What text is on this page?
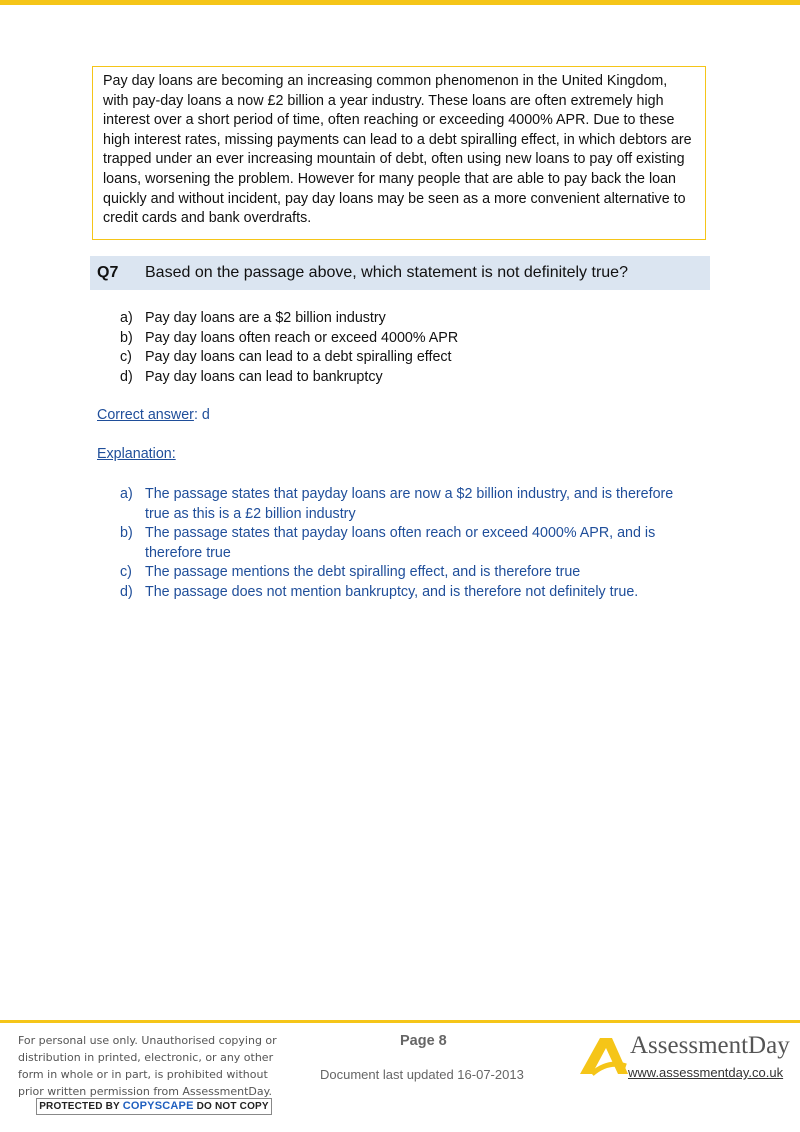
Pay day loans are becoming an increasing common phenomenon in the United Kingdom, with pay-day loans a now £2 billion a year industry. These loans are often extremely high interest over a short period of time, often reaching or exceeding 4000% APR. Due to these high interest rates, missing payments can lead to a debt spiralling effect, in which debtors are trapped under an ever increasing mountain of debt, often using new loans to pay off existing loans, worsening the problem. However for many people that are able to pay back the loan quickly and without incident, pay day loans may be seen as a more convenient alternative to credit cards and bank overdrafts.
Q7	Based on the passage above, which statement is not definitely true?
a) Pay day loans are a $2 billion industry
b) Pay day loans often reach or exceed 4000% APR
c) Pay day loans can lead to a debt spiralling effect
d) Pay day loans can lead to bankruptcy
Correct answer: d
Explanation:
a) The passage states that payday loans are now a $2 billion industry, and is therefore true as this is a £2 billion industry
b) The passage states that payday loans often reach or exceed 4000% APR, and is therefore true
c) The passage mentions the debt spiralling effect, and is therefore true
d) The passage does not mention bankruptcy, and is therefore not definitely true.
For personal use only. Unauthorised copying or distribution in printed, electronic, or any other form in whole or in part, is prohibited without prior written permission from AssessmentDay.
PROTECTED BY COPYSCAPE DO NOT COPY
Page 8
Document last updated 16-07-2013
AssessmentDay
www.assessmentday.co.uk
